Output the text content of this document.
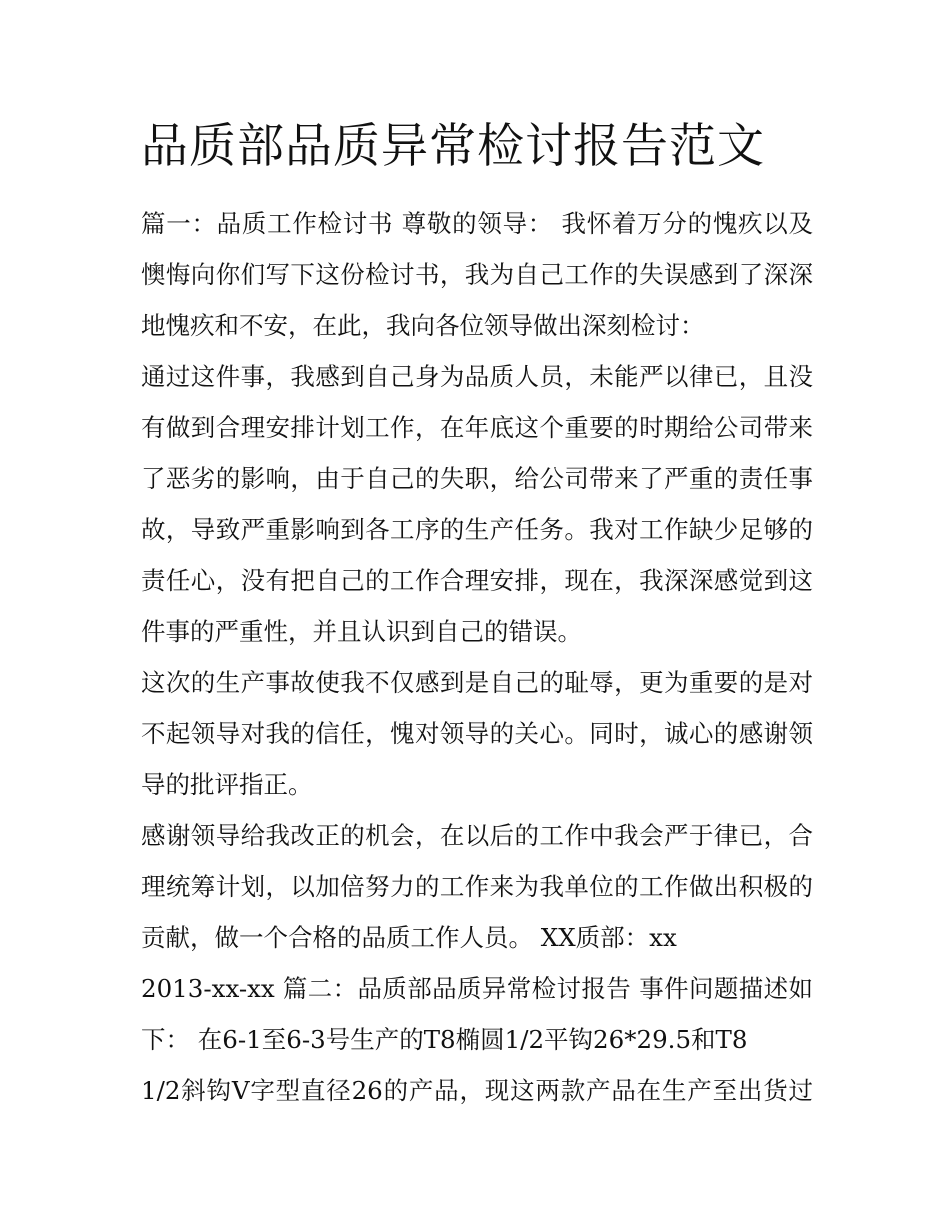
品质部品质异常检讨报告范文
篇一：品质工作检讨书 尊敬的领导： 我怀着万分的愧疚以及
懊悔向你们写下这份检讨书，我为自己工作的失误感到了深深
地愧疚和不安，在此，我向各位领导做出深刻检讨：
通过这件事，我感到自己身为品质人员，未能严以律已，且没
有做到合理安排计划工作，在年底这个重要的时期给公司带来
了恶劣的影响，由于自己的失职，给公司带来了严重的责任事
故，导致严重影响到各工序的生产任务。我对工作缺少足够的
责任心，没有把自己的工作合理安排，现在，我深深感觉到这
件事的严重性，并且认识到自己的错误。
这次的生产事故使我不仅感到是自己的耻辱，更为重要的是对
不起领导对我的信任，愧对领导的关心。同时，诚心的感谢领
导的批评指正。
感谢领导给我改正的机会，在以后的工作中我会严于律已，合
理统筹计划，以加倍努力的工作来为我单位的工作做出积极的
贡献，做一个合格的品质工作人员。 XX质部：xx
2013-xx-xx 篇二：品质部品质异常检讨报告 事件问题描述如
下： 在6-1至6-3号生产的T8椭圆1/2平钩26*29.5和T8
1/2斜钩V字型直径26的产品，现这两款产品在生产至出货过
